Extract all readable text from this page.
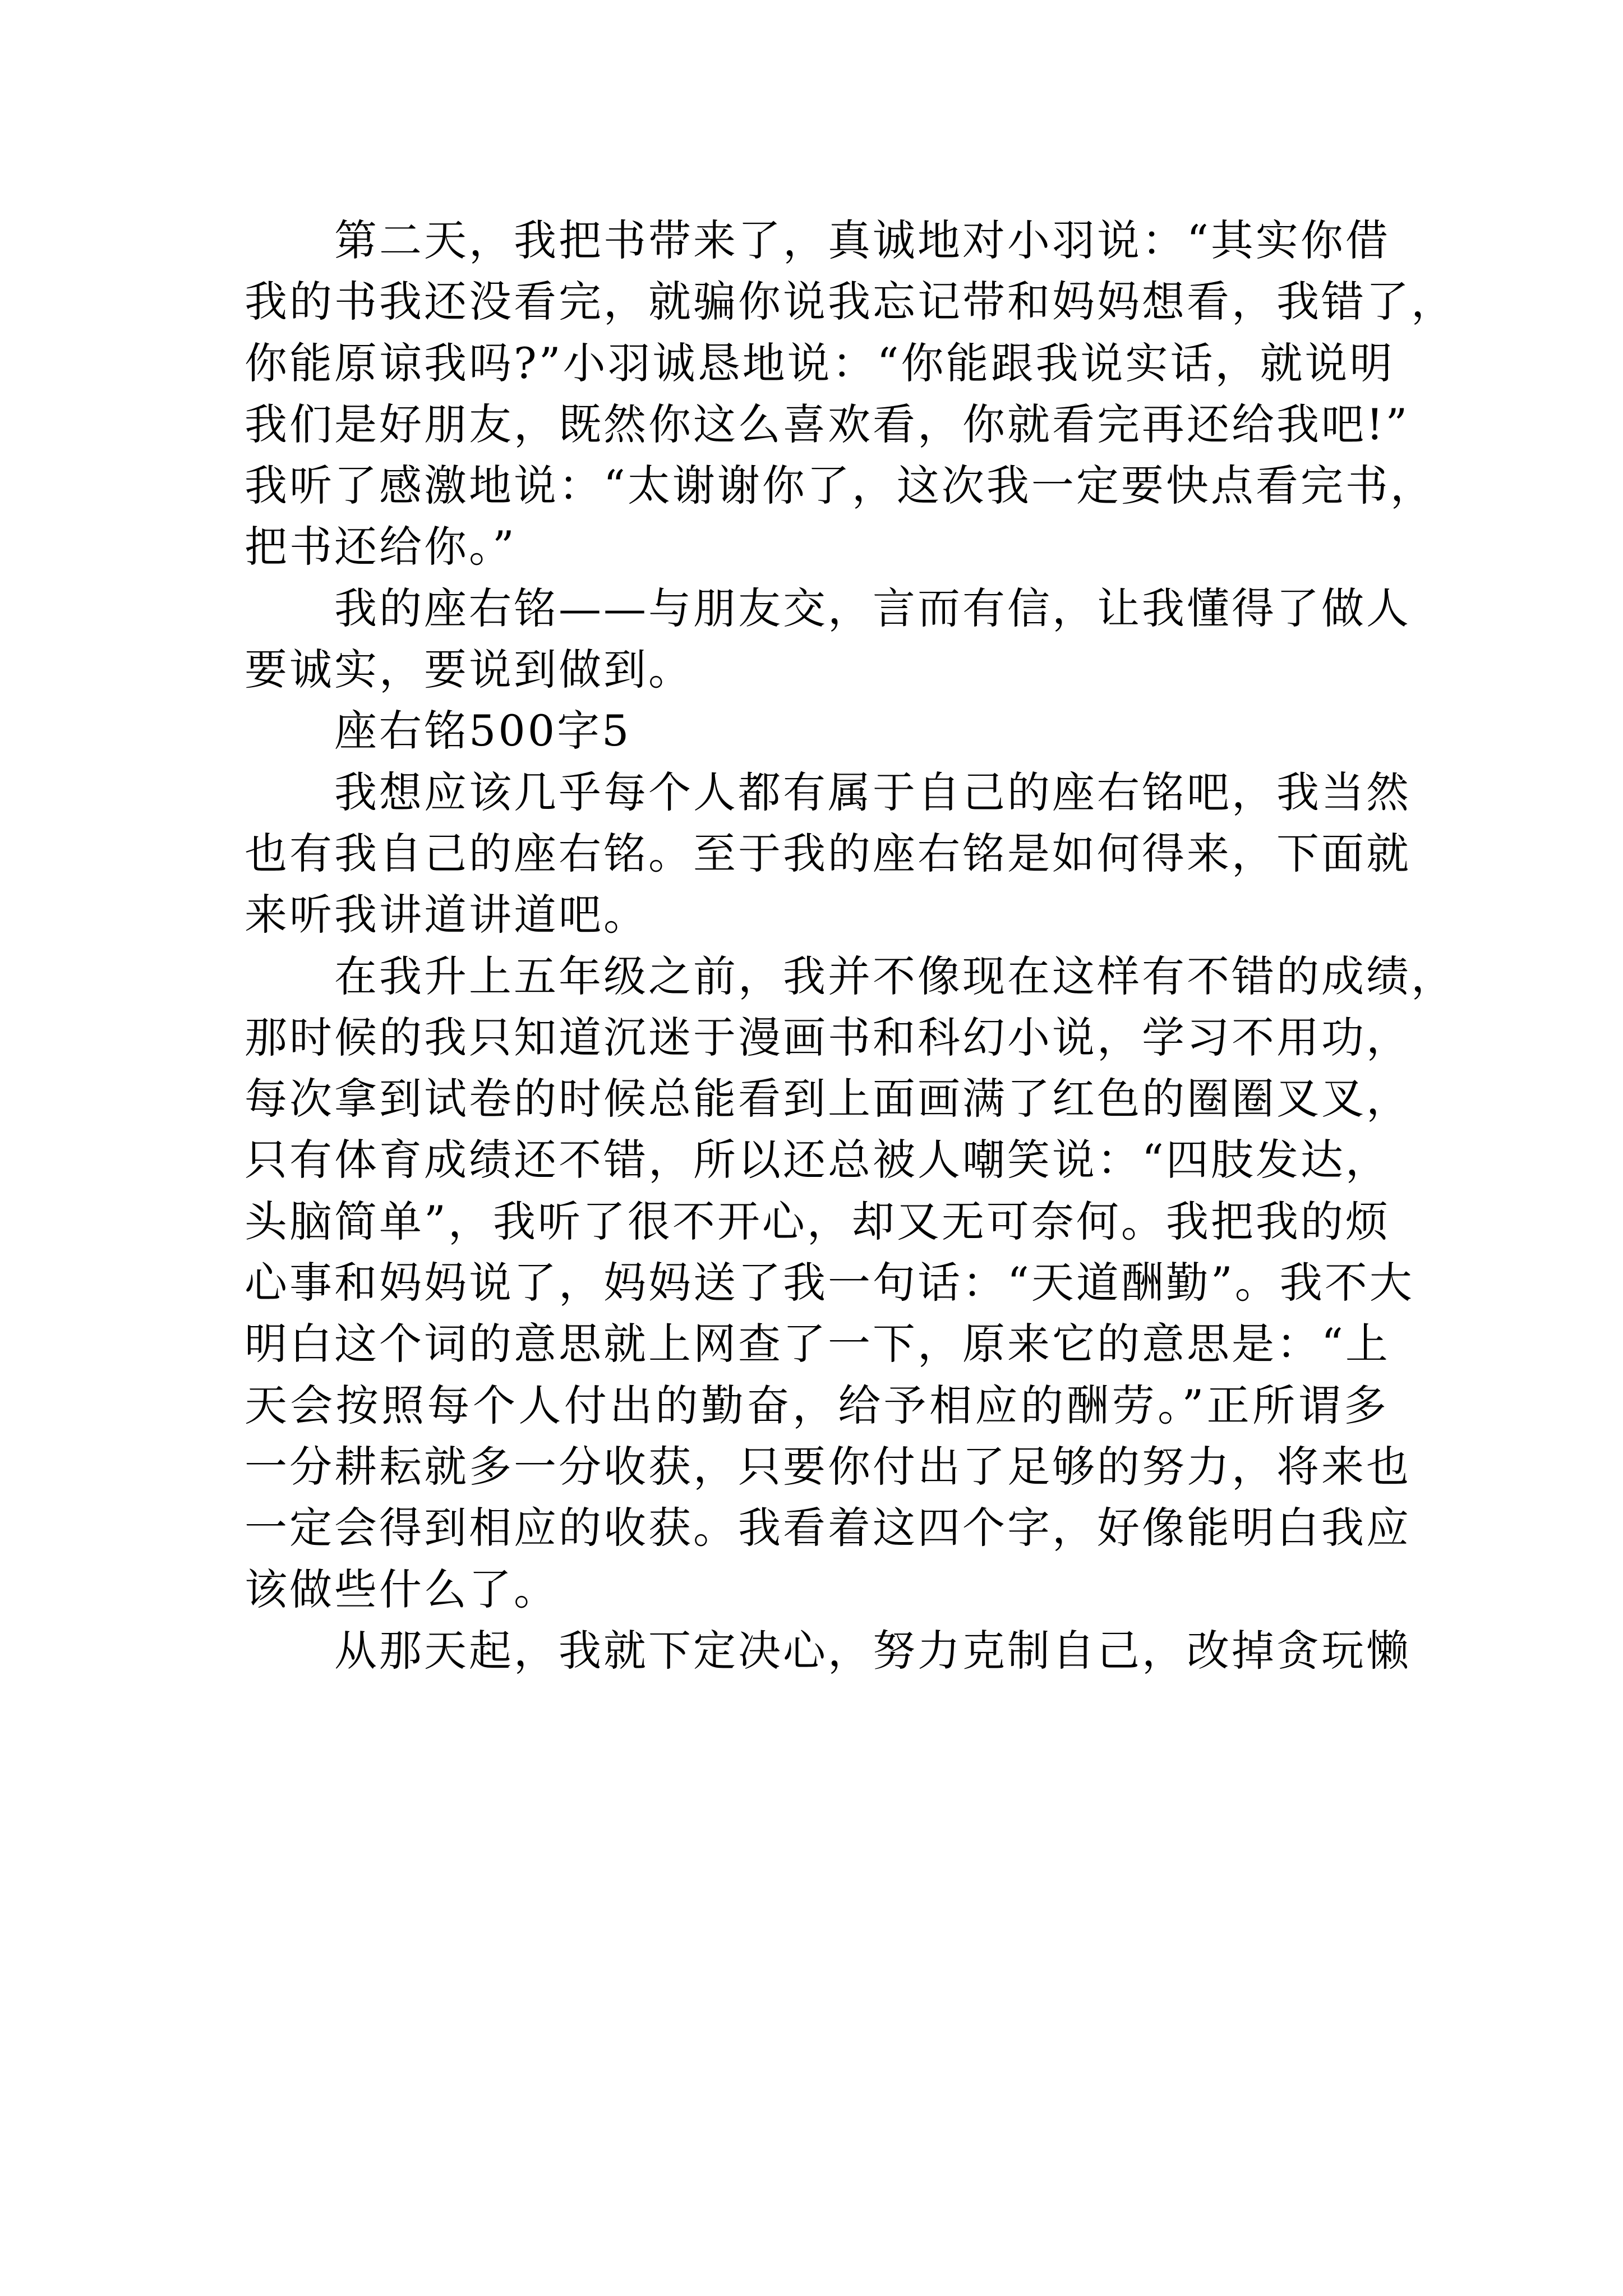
第二天，我把书带来了，真诚地对小羽说：“其实你借
我的书我还没看完，就骗你说我忘记带和妈妈想看，我错了，
你能原谅我吗?”小羽诚恳地说：“你能跟我说实话，就说明
我们是好朋友，既然你这么喜欢看，你就看完再还给我吧!”
我听了感激地说：“太谢谢你了，这次我一定要快点看完书，
把书还给你。”
我的座右铭——与朋友交，言而有信，让我懂得了做人
要诚实，要说到做到。
座右铭500字5
我想应该几乎每个人都有属于自己的座右铭吧，我当然
也有我自己的座右铭。至于我的座右铭是如何得来，下面就
来听我讲道讲道吧。
在我升上五年级之前，我并不像现在这样有不错的成绩，
那时候的我只知道沉迷于漫画书和科幻小说，学习不用功，
每次拿到试卷的时候总能看到上面画满了红色的圈圈叉叉，
只有体育成绩还不错，所以还总被人嘲笑说：“四肢发达，
头脑简单”，我听了很不开心，却又无可奈何。我把我的烦
心事和妈妈说了，妈妈送了我一句话：“天道酬勤”。我不大
明白这个词的意思就上网查了一下，原来它的意思是：“上
天会按照每个人付出的勤奋，给予相应的酬劳。”正所谓多
一分耕耘就多一分收获，只要你付出了足够的努力，将来也
一定会得到相应的收获。我看着这四个字，好像能明白我应
该做些什么了。
从那天起，我就下定决心，努力克制自己，改掉贪玩懒
